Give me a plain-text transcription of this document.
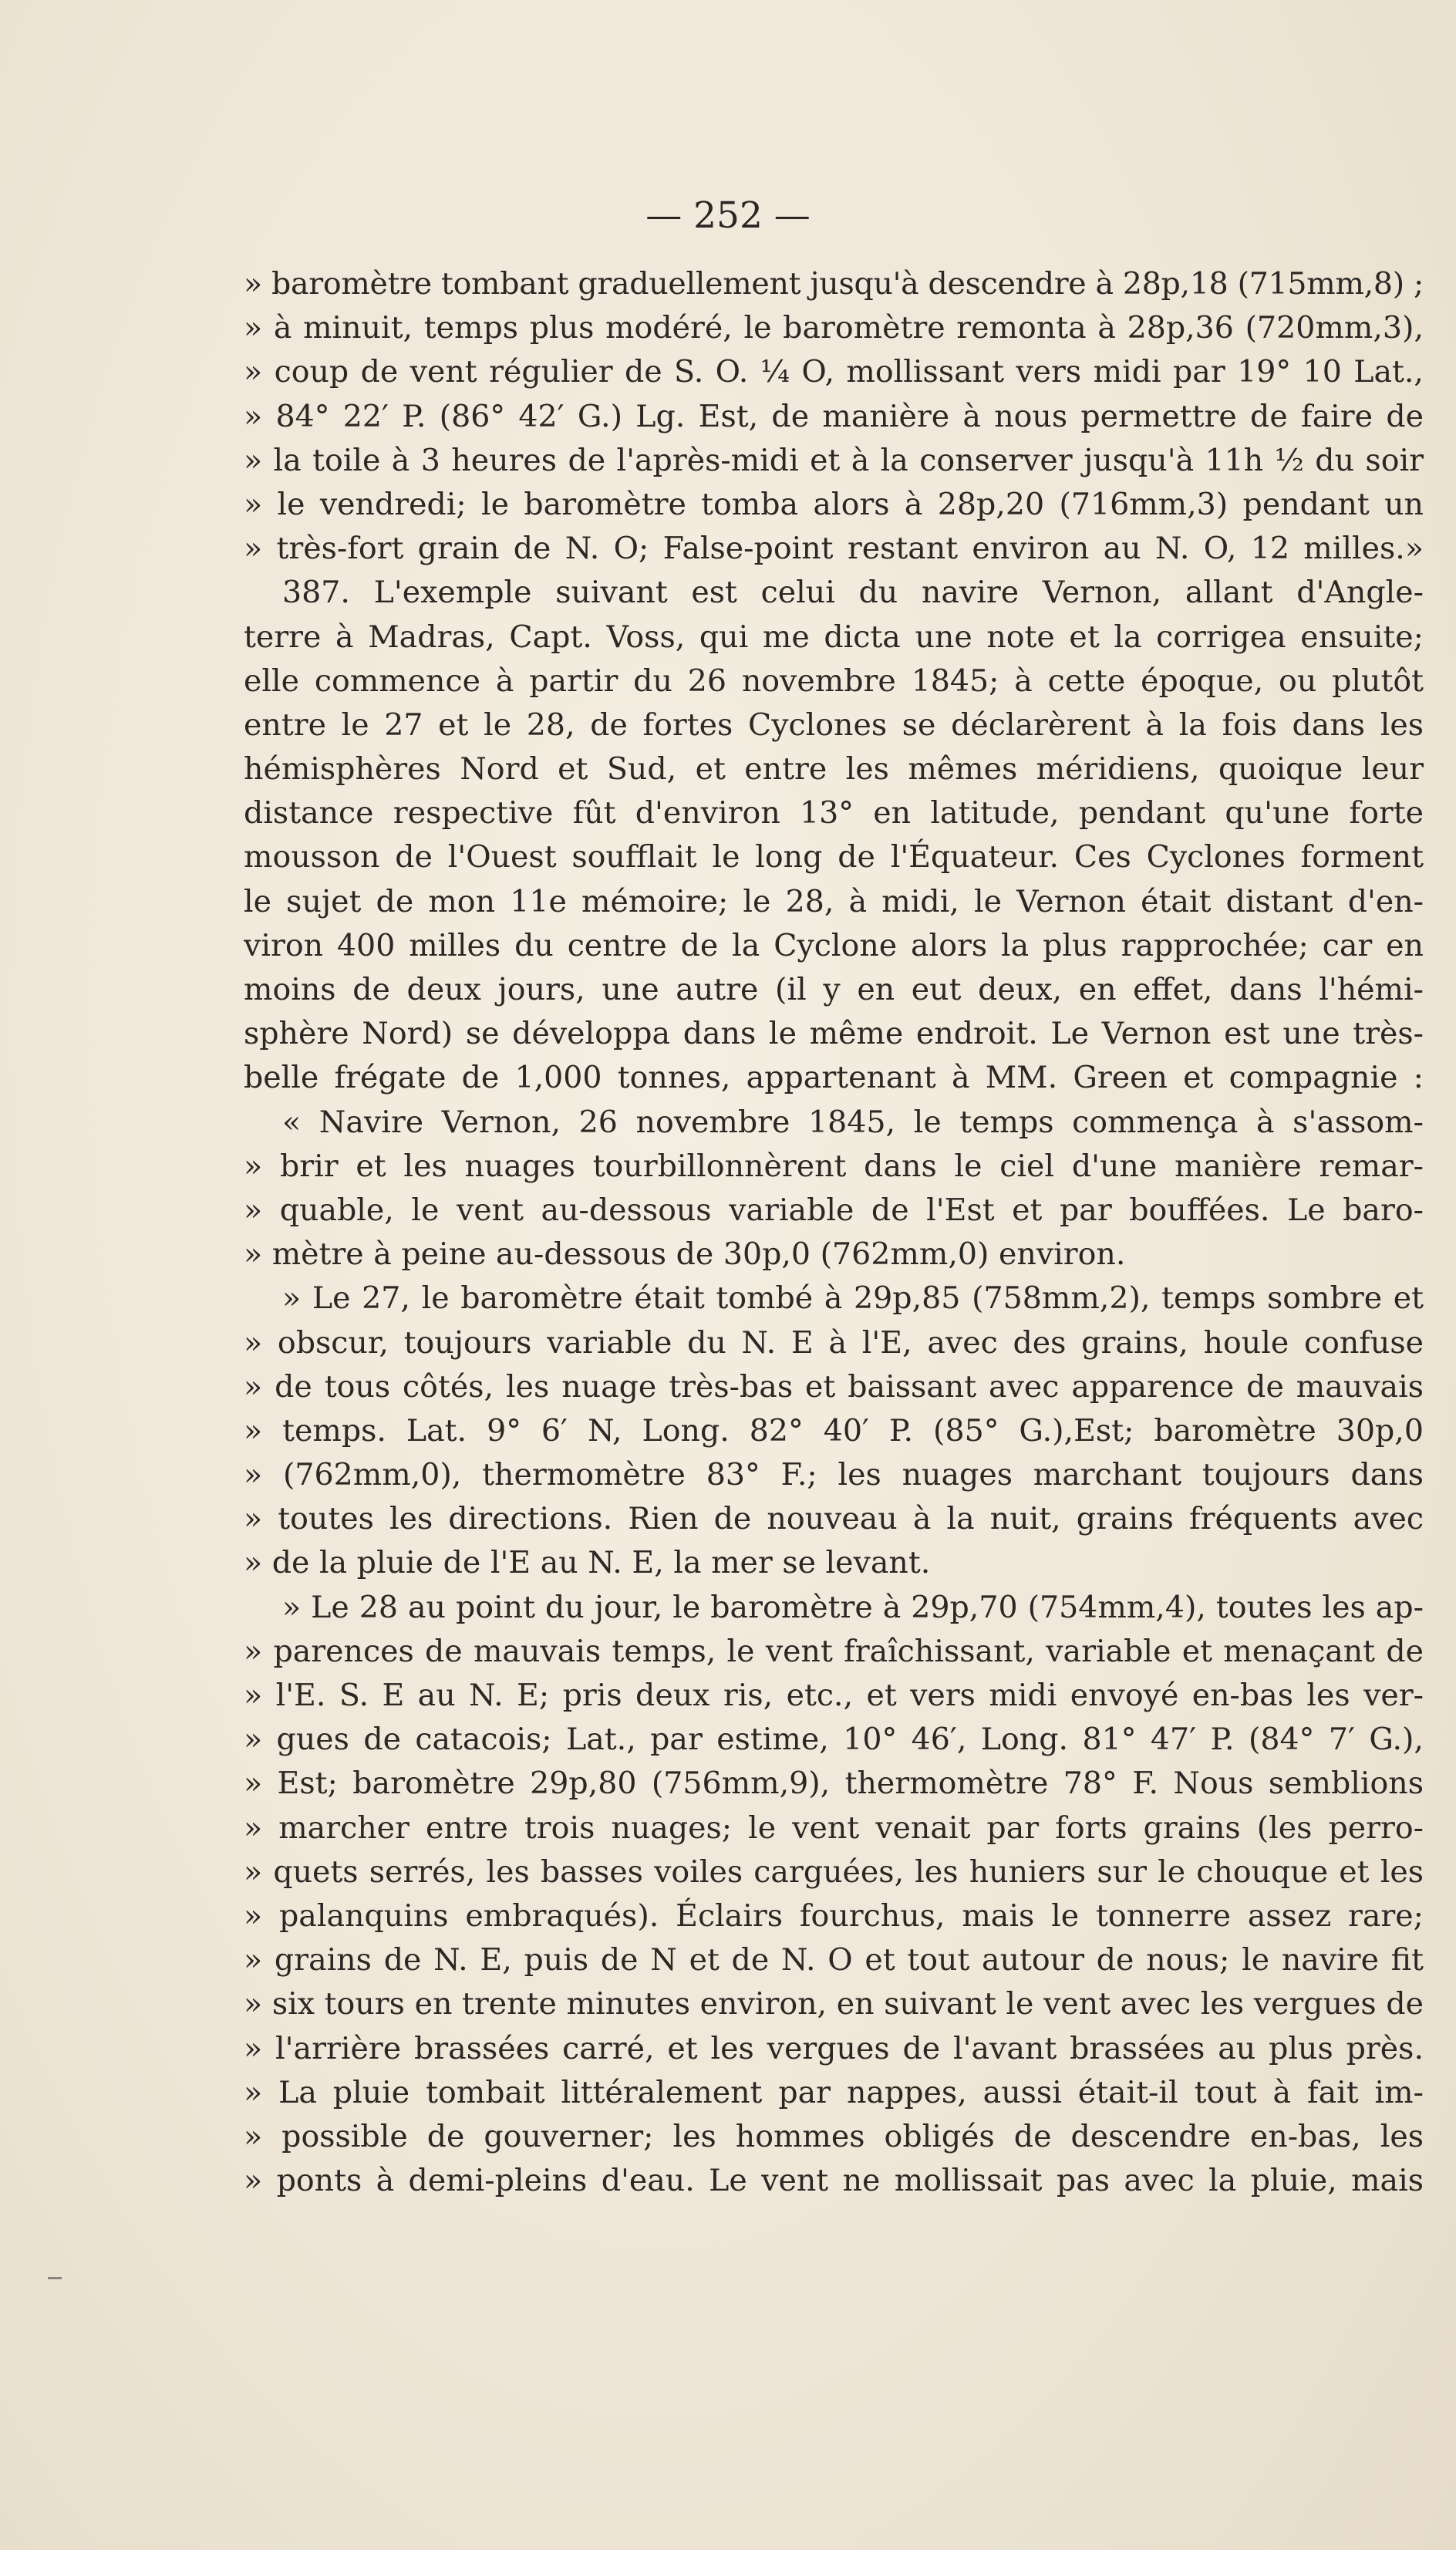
— 252 —
» baromètre tombant graduellement jusqu'à descendre à 28p,18 (715mm,8) ;
» à minuit, temps plus modéré, le baromètre remonta à 28p,36 (720mm,3),
» coup de vent régulier de S. O. ¼ O, mollissant vers midi par 19° 10 Lat.,
» 84° 22′ P. (86° 42′ G.) Lg. Est, de manière à nous permettre de faire de
» la toile à 3 heures de l'après-midi et à la conserver jusqu'à 11h ½ du soir
» le vendredi; le baromètre tomba alors à 28p,20 (716mm,3) pendant un
» très-fort grain de N. O; False-point restant environ au N. O, 12 milles.»
387. L'exemple suivant est celui du navire Vernon, allant d'Angle-
terre à Madras, Capt. Voss, qui me dicta une note et la corrigea ensuite;
elle commence à partir du 26 novembre 1845; à cette époque, ou plutôt
entre le 27 et le 28, de fortes Cyclones se déclarèrent à la fois dans les
hémisphères Nord et Sud, et entre les mêmes méridiens, quoique leur
distance respective fût d'environ 13° en latitude, pendant qu'une forte
mousson de l'Ouest soufflait le long de l'Équateur. Ces Cyclones forment
le sujet de mon 11e mémoire; le 28, à midi, le Vernon était distant d'en-
viron 400 milles du centre de la Cyclone alors la plus rapprochée; car en
moins de deux jours, une autre (il y en eut deux, en effet, dans l'hémi-
sphère Nord) se développa dans le même endroit. Le Vernon est une très-
belle frégate de 1,000 tonnes, appartenant à MM. Green et compagnie :
« Navire Vernon, 26 novembre 1845, le temps commença à s'assom-
» brir et les nuages tourbillonnèrent dans le ciel d'une manière remar-
» quable, le vent au-dessous variable de l'Est et par bouffées. Le baro-
» mètre à peine au-dessous de 30p,0 (762mm,0) environ.
» Le 27, le baromètre était tombé à 29p,85 (758mm,2), temps sombre et
» obscur, toujours variable du N. E à l'E, avec des grains, houle confuse
» de tous côtés, les nuage très-bas et baissant avec apparence de mauvais
» temps. Lat. 9° 6′ N, Long. 82° 40′ P. (85° G.),Est; baromètre 30p,0
» (762mm,0), thermomètre 83° F.; les nuages marchant toujours dans
» toutes les directions. Rien de nouveau à la nuit, grains fréquents avec
» de la pluie de l'E au N. E, la mer se levant.
» Le 28 au point du jour, le baromètre à 29p,70 (754mm,4), toutes les ap-
» parences de mauvais temps, le vent fraîchissant, variable et menaçant de
» l'E. S. E au N. E; pris deux ris, etc., et vers midi envoyé en-bas les ver-
» gues de catacois; Lat., par estime, 10° 46′, Long. 81° 47′ P. (84° 7′ G.),
» Est; baromètre 29p,80 (756mm,9), thermomètre 78° F. Nous semblions
» marcher entre trois nuages; le vent venait par forts grains (les perro-
» quets serrés, les basses voiles carguées, les huniers sur le chouque et les
» palanquins embraqués). Éclairs fourchus, mais le tonnerre assez rare;
» grains de N. E, puis de N et de N. O et tout autour de nous; le navire fit
» six tours en trente minutes environ, en suivant le vent avec les vergues de
» l'arrière brassées carré, et les vergues de l'avant brassées au plus près.
» La pluie tombait littéralement par nappes, aussi était-il tout à fait im-
» possible de gouverner; les hommes obligés de descendre en-bas, les
» ponts à demi-pleins d'eau. Le vent ne mollissait pas avec la pluie, mais
